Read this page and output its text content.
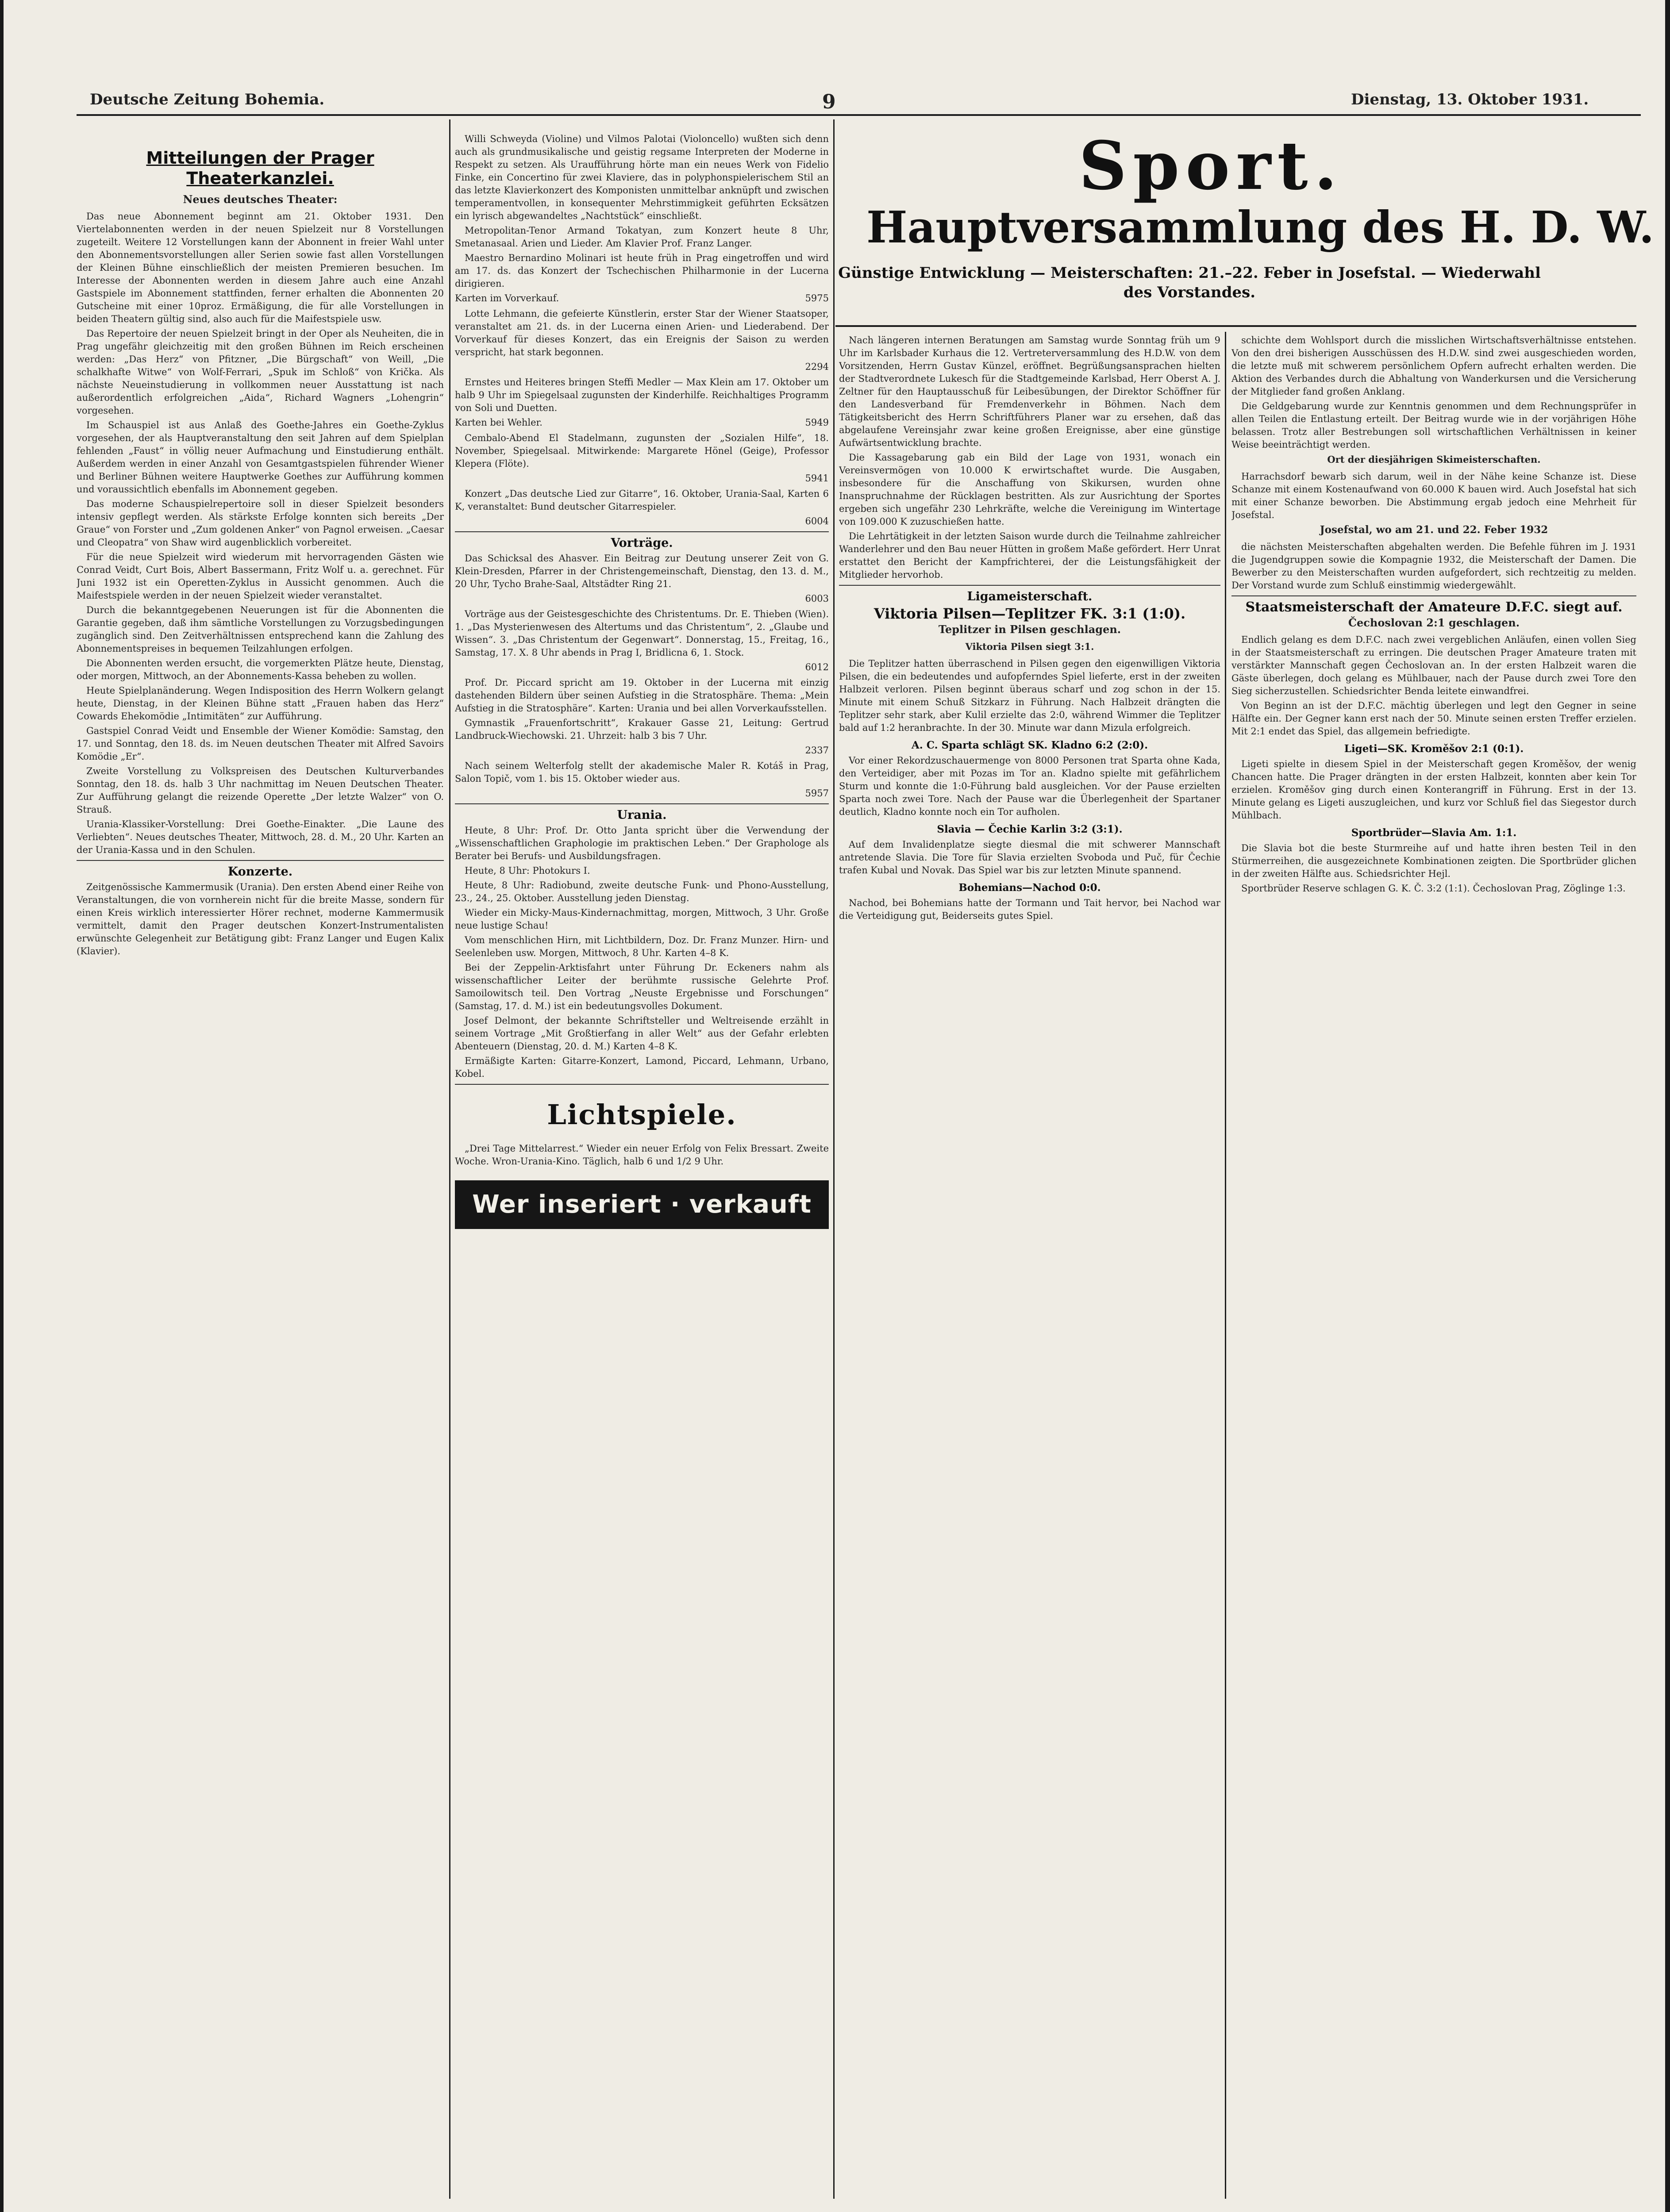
Deutsche Zeitung Bohemia.	9	Dienstag, 13. Oktober 1931.
Mitteilungen der Prager Theaterkanzlei.
Neues deutsches Theater:

Das neue Abonnement beginnt am 21. Oktober 1931. Den Viertelabonnenten werden in der neuen Spielzeit nur 8 Vorstellungen zugeteilt. Weitere 12 Vorstellungen kann der Abonnent in freier Wahl unter den Abonnementsvorstellungen aller Serien sowie fast allen Vorstellungen der Kleinen Bühne einschließlich der meisten Premieren besuchen. Im Interesse der Abonnenten werden in diesem Jahre auch eine Anzahl Gastspiele im Abonnement stattfinden, ferner erhalten die Abonnenten 20 Gutscheine mit einer 10proz. Ermäßigung, die für alle Vorstellungen in beiden Theatern gültig sind, also auch für die Maifestspiele usw.

Das Repertoire der neuen Spielzeit bringt in der Oper als Neuheiten, die in Prag ungefähr gleichzeitig mit den großen Bühnen im Reich erscheinen werden: „Das Herz“ von Pfitzner, „Die Bürgschaft“ von Weill, „Die schalkhafte Witwe“ von Wolf-Ferrari, „Spuk im Schloß“ von Krička. Als nächste Neueinstudierung in vollkommen neuer Ausstattung ist nach außerordentlich erfolgreichen „Aida“, Richard Wagners „Lohengrin“ vorgesehen.

Im Schauspiel ist aus Anlaß des Goethe-Jahres ein Goethe-Zyklus vorgesehen, der als Hauptveranstaltung den seit Jahren auf dem Spielplan fehlenden „Faust“ in völlig neuer Aufmachung und Einstudierung enthält. Außerdem werden in einer Anzahl von Gesamtgastspielen führender Wiener und Berliner Bühnen weitere Hauptwerke Goethes zur Aufführung kommen und voraussichtlich ebenfalls im Abonnement gegeben.

Das moderne Schauspielrepertoire soll in dieser Spielzeit besonders intensiv gepflegt werden. Als stärkste Erfolge konnten sich bereits „Der Graue“ von Forster und „Zum goldenen Anker“ von Pagnol erweisen. „Caesar und Cleopatra“ von Shaw wird augenblicklich vorbereitet.

Für die neue Spielzeit wird wiederum mit hervorragenden Gästen wie Conrad Veidt, Curt Bois, Albert Bassermann, Fritz Wolf u. a. gerechnet. Für Juni 1932 ist ein Operetten-Zyklus in Aussicht genommen. Auch die Maifestspiele werden in der neuen Spielzeit wieder veranstaltet.

Durch die bekanntgegebenen Neuerungen ist für die Abonnenten die Garantie gegeben, daß ihm sämtliche Vorstellungen zu Vorzugsbedingungen zugänglich sind. Den Zeitverhältnissen entsprechend kann die Zahlung des Abonnementspreises in bequemen Teilzahlungen erfolgen.

Die Abonnenten werden ersucht, die vorgemerkten Plätze heute, Dienstag, oder morgen, Mittwoch, an der Abonnements-Kassa beheben zu wollen.

Heute Spielplanänderung. Wegen Indisposition des Herrn Wolkern gelangt heute, Dienstag, in der Kleinen Bühne statt „Frauen haben das Herz“ Cowards Ehekomödie „Intimitäten“ zur Aufführung.

Gastspiel Conrad Veidt und Ensemble der Wiener Komödie: Samstag, den 17. und Sonntag, den 18. ds. im Neuen deutschen Theater mit Alfred Savoirs Komödie „Er“.

Zweite Vorstellung zu Volkspreisen des Deutschen Kulturverbandes Sonntag, den 18. ds. halb 3 Uhr nachmittag im Neuen Deutschen Theater. Zur Aufführung gelangt die reizende Operette „Der letzte Walzer“ von O. Strauß.

Urania-Klassiker-Vorstellung: Drei Goethe-Einakter. „Die Laune des Verliebten“. Neues deutsches Theater, Mittwoch, 28. d. M., 20 Uhr. Karten an der Urania-Kassa und in den Schulen.

Konzerte.

Zeitgenössische Kammermusik (Urania). Den ersten Abend einer Reihe von Veranstaltungen, die von vornherein nicht für die breite Masse, sondern für einen Kreis wirklich interessierter Hörer rechnet, moderne Kammermusik vermittelt, damit den Prager deutschen Konzert-Instrumentalisten erwünschte Gelegenheit zur Betätigung gibt: Franz Langer und Eugen Kalix (Klavier).

Willi Schweyda (Violine) und Vilmos Palotai (Violoncello) wußten sich denn auch als grundmusikalische und geistig regsame Interpreten der Moderne in Respekt zu setzen. Als Uraufführung hörte man ein neues Werk von Fidelio Finke, ein Concertino für zwei Klaviere, das in polyphonspielerischem Stil an das letzte Klavierkonzert des Komponisten unmittelbar anknüpft und zwischen temperamentvollen, in konsequenter Mehrstimmigkeit geführten Ecksätzen ein lyrisch abgewandeltes „Nachtstück“ einschließt.

Metropolitan-Tenor Armand Tokatyan, zum Konzert heute 8 Uhr, Smetanasaal. Arien und Lieder. Am Klavier Prof. Franz Langer.

Maestro Bernardino Molinari ist heute früh in Prag eingetroffen und wird am 17. ds. das Konzert der Tschechischen Philharmonie in der Lucerna dirigieren.

Karten im Vorverkauf.	5975

Lotte Lehmann, die gefeierte Künstlerin, erster Star der Wiener Staatsoper, veranstaltet am 21. ds. in der Lucerna einen Arien- und Liederabend. Der Vorverkauf für dieses Konzert, das ein Ereignis der Saison zu werden verspricht, hat stark begonnen.

2294

Ernstes und Heiteres bringen Steffi Medler — Max Klein am 17. Oktober um halb 9 Uhr im Spiegelsaal zugunsten der Kinderhilfe. Reichhaltiges Programm von Soli und Duetten.

Karten bei Wehler.	5949

Cembalo-Abend El Stadelmann, zugunsten der „Sozialen Hilfe“, 18. November, Spiegelsaal. Mitwirkende: Margarete Hönel (Geige), Professor Klepera (Flöte).

5941

Konzert „Das deutsche Lied zur Gitarre“, 16. Oktober, Urania-Saal, Karten 6 K, veranstaltet: Bund deutscher Gitarrespieler.

6004
Vorträge.

Das Schicksal des Ahasver. Ein Beitrag zur Deutung unserer Zeit von G. Klein-Dresden, Pfarrer in der Christengemeinschaft, Dienstag, den 13. d. M., 20 Uhr, Tycho Brahe-Saal, Altstädter Ring 21.

6003

Vorträge aus der Geistesgeschichte des Christentums. Dr. E. Thieben (Wien). 1. „Das Mysterienwesen des Altertums und das Christentum“, 2. „Glaube und Wissen“. 3. „Das Christentum der Gegenwart“. Donnerstag, 15., Freitag, 16., Samstag, 17. X. 8 Uhr abends in Prag I, Bridlicna 6, 1. Stock.

6012

Prof. Dr. Piccard spricht am 19. Oktober in der Lucerna mit einzig dastehenden Bildern über seinen Aufstieg in die Stratosphäre. Thema: „Mein Aufstieg in die Stratosphäre“. Karten: Urania und bei allen Vorverkaufsstellen.

Gymnastik „Frauenfortschritt“, Krakauer Gasse 21, Leitung: Gertrud Landbruck-Wiechowski. 21. Uhrzeit: halb 3 bis 7 Uhr.

2337

Nach seinem Welterfolg stellt der akademische Maler R. Kotáš in Prag, Salon Topič, vom 1. bis 15. Oktober wieder aus.

5957
Urania.

Heute, 8 Uhr: Prof. Dr. Otto Janta spricht über die Verwendung der „Wissenschaftlichen Graphologie im praktischen Leben.“ Der Graphologe als Berater bei Berufs- und Ausbildungsfragen.

Heute, 8 Uhr: Photokurs I.

Heute, 8 Uhr: Radiobund, zweite deutsche Funk- und Phono-Ausstellung, 23., 24., 25. Oktober. Ausstellung jeden Dienstag.

Wieder ein Micky-Maus-Kindernachmittag, morgen, Mittwoch, 3 Uhr. Große neue lustige Schau!

Vom menschlichen Hirn, mit Lichtbildern, Doz. Dr. Franz Munzer. Hirn- und Seelenleben usw. Morgen, Mittwoch, 8 Uhr. Karten 4–8 K.

Bei der Zeppelin-Arktisfahrt unter Führung Dr. Eckeners nahm als wissenschaftlicher Leiter der berühmte russische Gelehrte Prof. Samoilowitsch teil. Den Vortrag „Neuste Ergebnisse und Forschungen“ (Samstag, 17. d. M.) ist ein bedeutungsvolles Dokument.

Josef Delmont, der bekannte Schriftsteller und Weltreisende erzählt in seinem Vortrage „Mit Großtierfang in aller Welt“ aus der Gefahr erlebten Abenteuern (Dienstag, 20. d. M.) Karten 4–8 K.

Ermäßigte Karten: Gitarre-Konzert, Lamond, Piccard, Lehmann, Urbano, Kobel.

Lichtspiele.

„Drei Tage Mittelarrest.“ Wieder ein neuer Erfolg von Felix Bressart. Zweite Woche. Wron-Urania-Kino. Täglich, halb 6 und 1/2 9 Uhr.

Wer inseriert · verkauft
Sport.
Hauptversammlung des H. D. W.
Günstige Entwicklung — Meisterschaften: 21.–22. Feber in Josefstal. — Wiederwahl des Vorstandes.

Nach längeren internen Beratungen am Samstag wurde Sonntag früh um 9 Uhr im Karlsbader Kurhaus die 12. Vertreterversammlung des H.D.W. von dem Vorsitzenden, Herrn Gustav Künzel, eröffnet. Begrüßungsansprachen hielten der Stadtverordnete Lukesch für die Stadtgemeinde Karlsbad, Herr Oberst A. J. Zeltner für den Hauptausschuß für Leibesübungen, der Direktor Schöffner für den Landesverband für Fremdenverkehr in Böhmen. Nach dem Tätigkeitsbericht des Herrn Schriftführers Planer war zu ersehen, daß das abgelaufene Vereinsjahr zwar keine großen Ereignisse, aber eine günstige Aufwärtsentwicklung brachte.

Die Kassagebarung gab ein Bild der Lage von 1931, wonach ein Vereinsvermögen von 10.000 K erwirtschaftet wurde. Die Ausgaben, insbesondere für die Anschaffung von Skikursen, wurden ohne Inanspruchnahme der Rücklagen bestritten. Als zur Ausrichtung der Sportes ergeben sich ungefähr 230 Lehrkräfte, welche die Vereinigung im Wintertage von 109.000 K zuzuschießen hatte.

Die Lehrtätigkeit in der letzten Saison wurde durch die Teilnahme zahlreicher Wanderlehrer und den Bau neuer Hütten in großem Maße gefördert. Herr Unrat erstattet den Bericht der Kampfrichterei, der die Leistungsfähigkeit der Mitglieder hervorhob.

Ligameisterschaft.
Viktoria Pilsen—Teplitzer FK. 3:1 (1:0).
Teplitzer in Pilsen geschlagen.
Viktoria Pilsen siegt 3:1.

Die Teplitzer hatten überraschend in Pilsen gegen den eigenwilligen Viktoria Pilsen, die ein bedeutendes und aufopferndes Spiel lieferte, erst in der zweiten Halbzeit verloren. Pilsen beginnt überaus scharf und zog schon in der 15. Minute mit einem Schuß Sitzkarz in Führung. Nach Halbzeit drängten die Teplitzer sehr stark, aber Kulil erzielte das 2:0, während Wimmer die Teplitzer bald auf 1:2 heranbrachte. In der 30. Minute war dann Mizula erfolgreich.

A. C. Sparta schlägt SK. Kladno 6:2 (2:0).

Vor einer Rekordzuschauermenge von 8000 Personen trat Sparta ohne Kada, den Verteidiger, aber mit Pozas im Tor an. Kladno spielte mit gefährlichem Sturm und konnte die 1:0-Führung bald ausgleichen. Vor der Pause erzielten Sparta noch zwei Tore. Nach der Pause war die Überlegenheit der Spartaner deutlich, Kladno konnte noch ein Tor aufholen.

Slavia — Čechie Karlin 3:2 (3:1).

Auf dem Invalidenplatze siegte diesmal die mit schwerer Mannschaft antretende Slavia. Die Tore für Slavia erzielten Svoboda und Puč, für Čechie trafen Kubal und Novak. Das Spiel war bis zur letzten Minute spannend.

Bohemians—Nachod 0:0.

Nachod, bei Bohemians hatte der Tormann und Tait hervor, bei Nachod war die Verteidigung gut, Beiderseits gutes Spiel.

schichte dem Wohlsport durch die misslichen Wirtschaftsverhältnisse entstehen. Von den drei bisherigen Ausschüssen des H.D.W. sind zwei ausgeschieden worden, die letzte muß mit schwerem persönlichem Opfern aufrecht erhalten werden. Die Aktion des Verbandes durch die Abhaltung von Wanderkursen und die Versicherung der Mitglieder fand großen Anklang.

Die Geldgebarung wurde zur Kenntnis genommen und dem Rechnungsprüfer in allen Teilen die Entlastung erteilt. Der Beitrag wurde wie in der vorjährigen Höhe belassen. Trotz aller Bestrebungen soll wirtschaftlichen Verhältnissen in keiner Weise beeinträchtigt werden.

Ort der diesjährigen Skimeisterschaften.

Harrachsdorf bewarb sich darum, weil in der Nähe keine Schanze ist. Diese Schanze mit einem Kostenaufwand von 60.000 K bauen wird. Auch Josefstal hat sich mit einer Schanze beworben. Die Abstimmung ergab jedoch eine Mehrheit für Josefstal.

Josefstal, wo am 21. und 22. Feber 1932

die nächsten Meisterschaften abgehalten werden. Die Befehle führen im J. 1931 die Jugendgruppen sowie die Kompagnie 1932, die Meisterschaft der Damen. Die Bewerber zu den Meisterschaften wurden aufgefordert, sich rechtzeitig zu melden. Der Vorstand wurde zum Schluß einstimmig wiedergewählt.

Staatsmeisterschaft der Amateure D.F.C. siegt auf.
Čechoslovan 2:1 geschlagen.

Endlich gelang es dem D.F.C. nach zwei vergeblichen Anläufen, einen vollen Sieg in der Staatsmeisterschaft zu erringen. Die deutschen Prager Amateure traten mit verstärkter Mannschaft gegen Čechoslovan an. In der ersten Halbzeit waren die Gäste überlegen, doch gelang es Mühlbauer, nach der Pause durch zwei Tore den Sieg sicherzustellen. Schiedsrichter Benda leitete einwandfrei.

Von Beginn an ist der D.F.C. mächtig überlegen und legt den Gegner in seine Hälfte ein. Der Gegner kann erst nach der 50. Minute seinen ersten Treffer erzielen. Mit 2:1 endet das Spiel, das allgemein befriedigte.

Ligeti—SK. Kroměšov 2:1 (0:1).

Ligeti spielte in diesem Spiel in der Meisterschaft gegen Kroměšov, der wenig Chancen hatte. Die Prager drängten in der ersten Halbzeit, konnten aber kein Tor erzielen. Kroměšov ging durch einen Konterangriff in Führung. Erst in der 13. Minute gelang es Ligeti auszugleichen, und kurz vor Schluß fiel das Siegestor durch Mühlbach.

Sportbrüder—Slavia Am. 1:1.

Die Slavia bot die beste Sturmreihe auf und hatte ihren besten Teil in den Stürmerreihen, die ausgezeichnete Kombinationen zeigten. Die Sportbrüder glichen in der zweiten Hälfte aus. Schiedsrichter Hejl.

Sportbrüder Reserve schlagen G. K. Č. 3:2 (1:1). Čechoslovan Prag, Zöglinge 1:3.
